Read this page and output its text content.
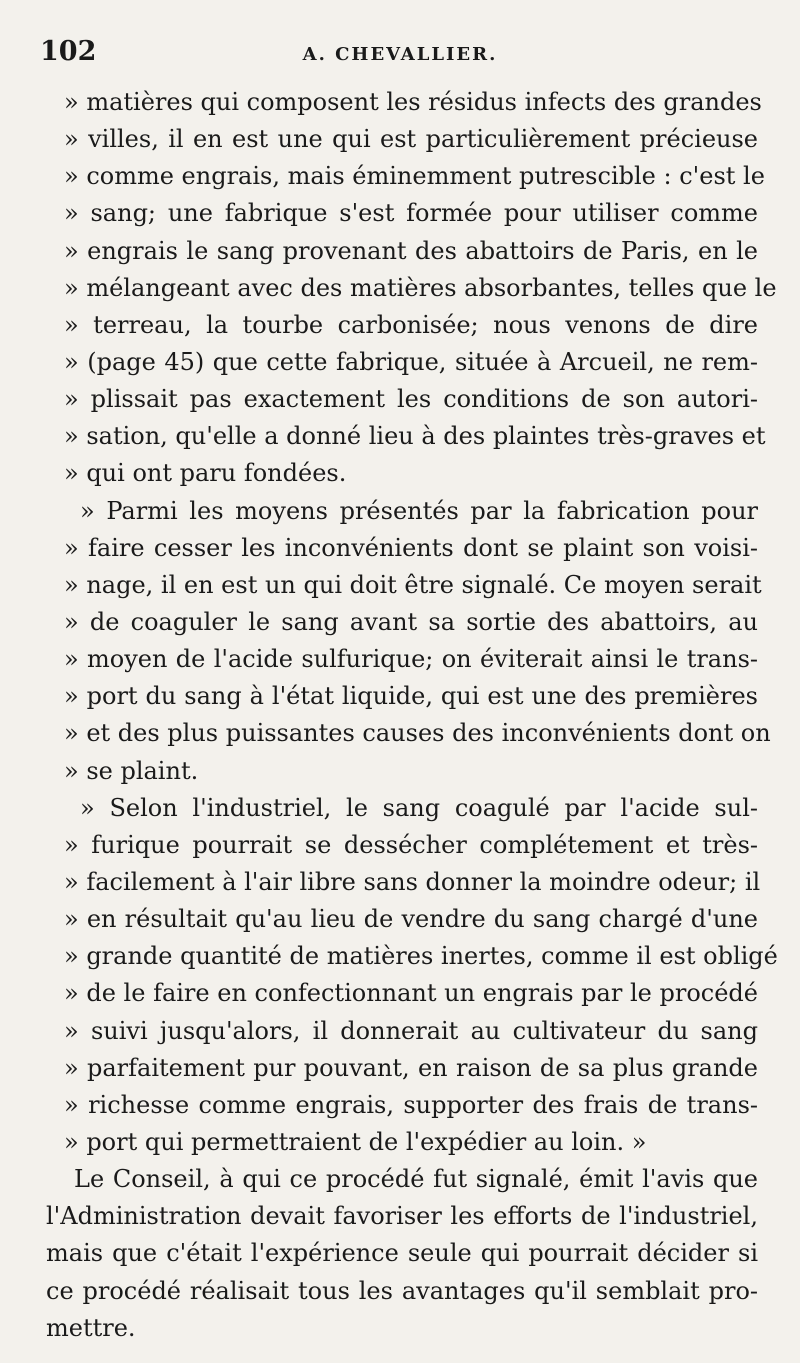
102	A. CHEVALLIER.
» matières qui composent les résidus infects des grandes
» villes, il en est une qui est particulièrement précieuse
» comme engrais, mais éminemment putrescible : c'est le
» sang; une fabrique s'est formée pour utiliser comme
» engrais le sang provenant des abattoirs de Paris, en le
» mélangeant avec des matières absorbantes, telles que le
» terreau, la tourbe carbonisée; nous venons de dire
» (page 45) que cette fabrique, située à Arcueil, ne rem-
» plissait pas exactement les conditions de son autori-
» sation, qu'elle a donné lieu à des plaintes très-graves et
» qui ont paru fondées.
» Parmi les moyens présentés par la fabrication pour
» faire cesser les inconvénients dont se plaint son voisi-
» nage, il en est un qui doit être signalé. Ce moyen serait
» de coaguler le sang avant sa sortie des abattoirs, au
» moyen de l'acide sulfurique; on éviterait ainsi le trans-
» port du sang à l'état liquide, qui est une des premières
» et des plus puissantes causes des inconvénients dont on
» se plaint.
» Selon l'industriel, le sang coagulé par l'acide sul-
» furique pourrait se dessécher complétement et très-
» facilement à l'air libre sans donner la moindre odeur; il
» en résultait qu'au lieu de vendre du sang chargé d'une
» grande quantité de matières inertes, comme il est obligé
» de le faire en confectionnant un engrais par le procédé
» suivi jusqu'alors, il donnerait au cultivateur du sang
» parfaitement pur pouvant, en raison de sa plus grande
» richesse comme engrais, supporter des frais de trans-
» port qui permettraient de l'expédier au loin. »
Le Conseil, à qui ce procédé fut signalé, émit l'avis que
l'Administration devait favoriser les efforts de l'industriel,
mais que c'était l'expérience seule qui pourrait décider si
ce procédé réalisait tous les avantages qu'il semblait pro-
mettre.
